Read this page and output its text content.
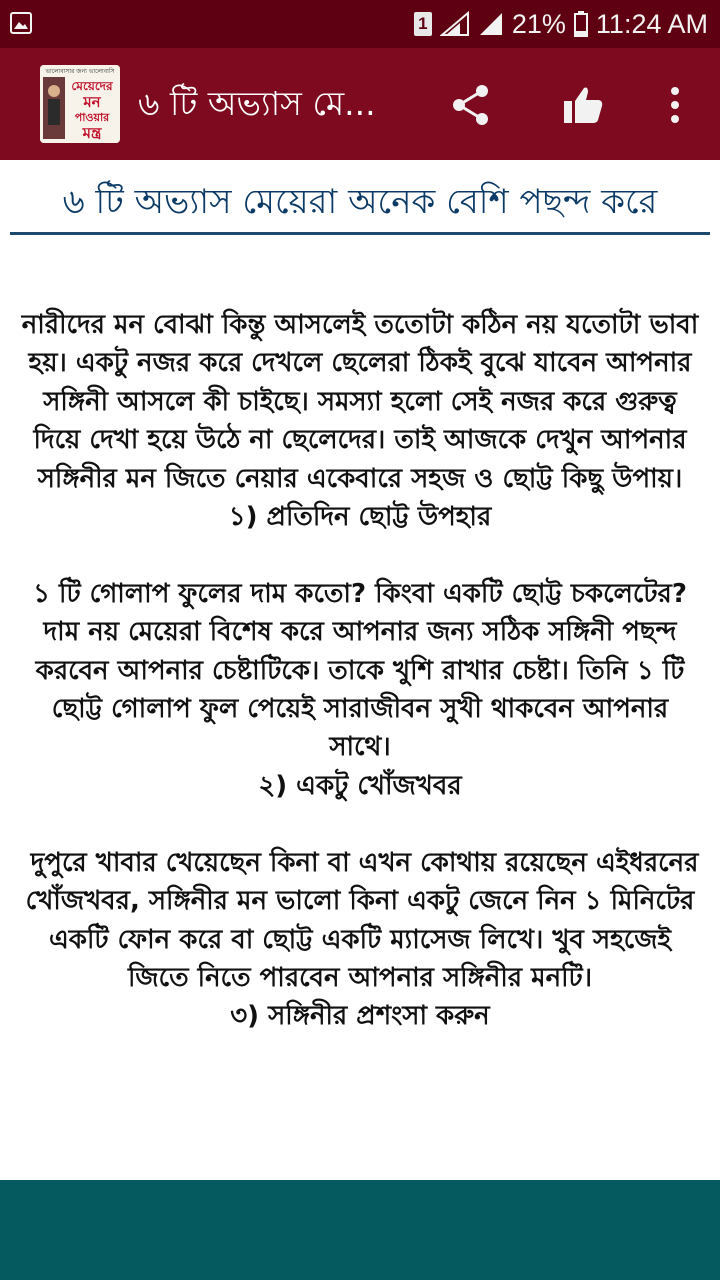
1	21% 11:24 AM
ভালোবাসার জন্য ভালোবাসি
মেয়েদের
মন
পাওয়ার
মন্ত্র
৬ টি অভ্যাস মে...
৬ টি অভ্যাস মেয়েরা অনেক বেশি পছন্দ করে
নারীদের মন বোঝা কিন্তু আসলেই ততোটা কঠিন নয় যতোটা ভাবা হয়। একটু নজর করে দেখলে ছেলেরা ঠিকই বুঝে যাবেন আপনার সঙ্গিনী আসলে কী চাইছে। সমস্যা হলো সেই নজর করে গুরুত্ব দিয়ে দেখা হয়ে উঠে না ছেলেদের। তাই আজকে দেখুন আপনার সঙ্গিনীর মন জিতে নেয়ার একেবারে সহজ ও ছোট্ট কিছু উপায়।
১) প্রতিদিন ছোট্ট উপহার

১ টি গোলাপ ফুলের দাম কতো? কিংবা একটি ছোট্ট চকলেটের? দাম নয় মেয়েরা বিশেষ করে আপনার জন্য সঠিক সঙ্গিনী পছন্দ করবেন আপনার চেষ্টাটিকে। তাকে খুশি রাখার চেষ্টা। তিনি ১ টি ছোট্ট গোলাপ ফুল পেয়েই সারাজীবন সুখী থাকবেন আপনার সাথে।
২) একটু খোঁজখবর

দুপুরে খাবার খেয়েছেন কিনা বা এখন কোথায় রয়েছেন এইধরনের খোঁজখবর, সঙ্গিনীর মন ভালো কিনা একটু জেনে নিন ১ মিনিটের একটি ফোন করে বা ছোট্ট একটি ম্যাসেজ লিখে। খুব সহজেই জিতে নিতে পারবেন আপনার সঙ্গিনীর মনটি।
৩) সঙ্গিনীর প্রশংসা করুন
